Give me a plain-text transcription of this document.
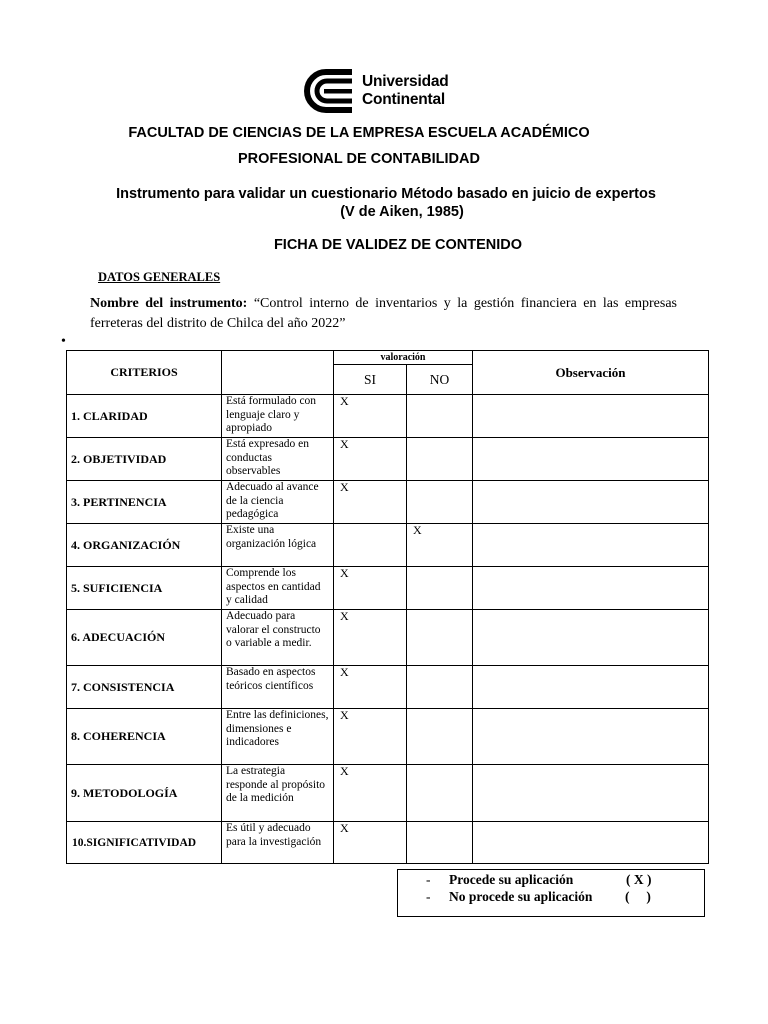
Universidad
Continental
FACULTAD DE CIENCIAS DE LA EMPRESA ESCUELA ACADÉMICO
PROFESIONAL DE CONTABILIDAD
Instrumento para validar un cuestionario Método basado en juicio de expertos
(V de Aiken, 1985)
FICHA DE VALIDEZ DE CONTENIDO
DATOS GENERALES
Nombre del instrumento: “Control interno de inventarios y la gestión financiera en las empresas
ferreteras del distrito de Chilca del año 2022”
•
CRITERIOS		valoración		Observación
		SI	NO	
1. CLARIDAD	Está formulado con lenguaje claro y apropiado	X		
2. OBJETIVIDAD	Está expresado en conductas observables	X		
3. PERTINENCIA	Adecuado al avance de la ciencia pedagógica	X		
4. ORGANIZACIÓN	Existe una organización lógica		X	
5. SUFICIENCIA	Comprende los aspectos en cantidad y calidad	X		
6. ADECUACIÓN	Adecuado para valorar el constructo o variable a medir.	X		
7. CONSISTENCIA	Basado en aspectos teóricos científicos	X		
8. COHERENCIA	Entre las definiciones, dimensiones e indicadores	X		
9. METODOLOGÍA	La estrategia responde al propósito de la medición	X		
10.SIGNIFICATIVIDAD	Es útil y adecuado para la investigación	X		
- Procede su aplicación	( X )
- No procede su aplicación (     )
